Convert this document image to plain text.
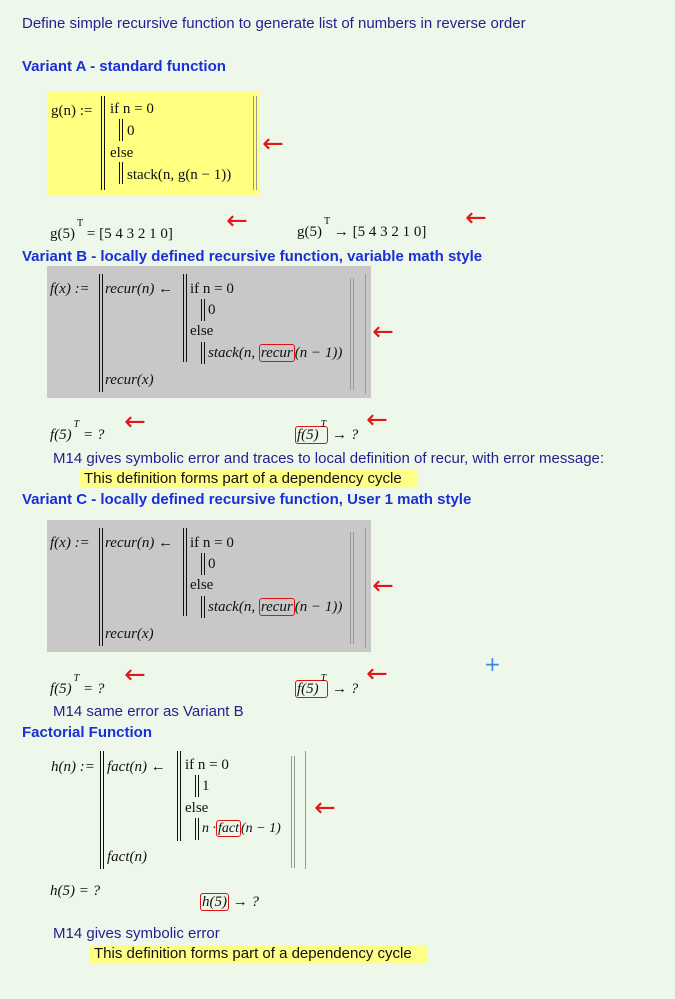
Define simple recursive function to generate list of numbers in reverse order
Variant A - standard function
g(n) := if n = 0
0
else
stack(n, g(n − 1))
←
$g(5)^T = [5$ 4 3 2 1 0] ←	$g(5)^T \to [5$ 4 3 2 1 0] ←
Variant B - locally defined recursive function, variable math style
f(x) := recur(n) ← if n = 0
0
else
stack(n, recur (n − 1))
recur(x)
←
$f(5)^T$ = ? ←	$f(5)^T$ → ? ←
M14 gives symbolic error and traces to local definition of recur, with error message:
This definition forms part of a dependency cycle
Variant C - locally defined recursive function, User 1 math style
f(x) := recur(n) ← if n = 0
0
else
stack(n, recur (n − 1))
recur(x)
←
$f(5)^T$ = ? ←	$f(5)^T$ → ? ←	+
M14 same error as Variant B
Factorial Function
h(n) := fact(n) ← if n = 0
1
else
n · fact (n − 1)
fact(n)
←
h(5) = ?
h(5) → ?
M14 gives symbolic error
This definition forms part of a dependency cycle
